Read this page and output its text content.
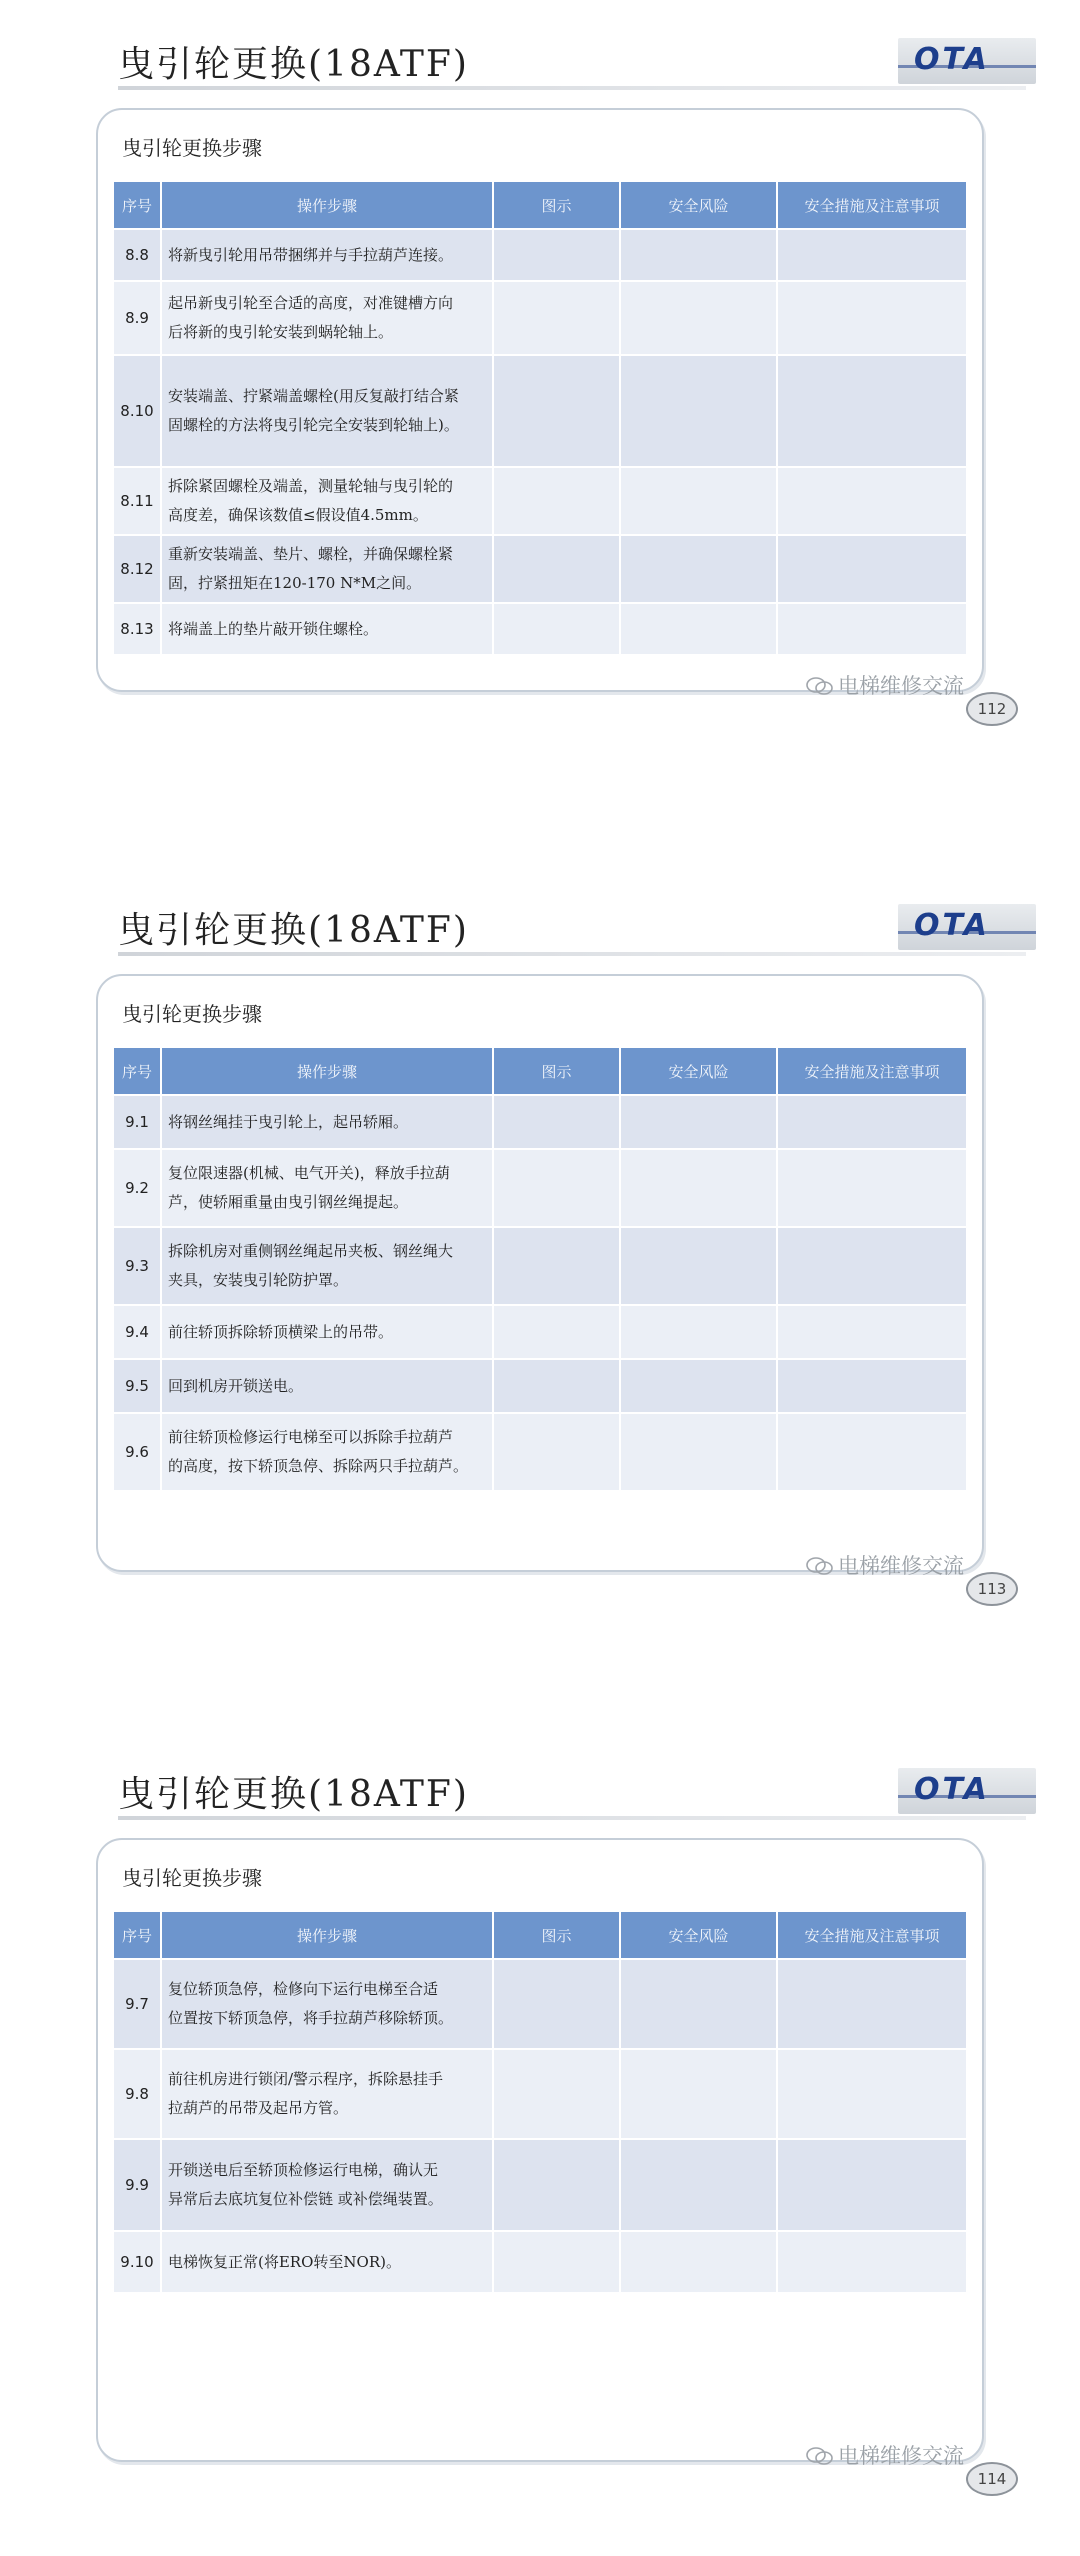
曳引轮更换(18ATF)	OTA
曳引轮更换步骤
序号	操作步骤	图示	安全风险	安全措施及注意事项
8.8	将新曳引轮用吊带捆绑并与手拉葫芦连接。			

8.9	起吊新曳引轮至合适的高度，对准键槽方向
后将新的曳引轮安装到蜗轮轴上。			

8.10	安装端盖、拧紧端盖螺栓(用反复敲打结合紧
固螺栓的方法将曳引轮完全安装到轮轴上)。			

8.11	拆除紧固螺栓及端盖，测量轮轴与曳引轮的
高度差，确保该数值≤假设值4.5mm。			

8.12	重新安装端盖、垫片、螺栓，并确保螺栓紧
固，拧紧扭矩在120-170 N*M之间。			

8.13	将端盖上的垫片敲开锁住螺栓。			

电梯维修交流
112
曳引轮更换(18ATF)	OTA
曳引轮更换步骤
序号	操作步骤	图示	安全风险	安全措施及注意事项
9.1	将钢丝绳挂于曳引轮上，起吊轿厢。			

9.2	复位限速器(机械、电气开关)，释放手拉葫
芦，使轿厢重量由曳引钢丝绳提起。			

9.3	拆除机房对重侧钢丝绳起吊夹板、钢丝绳大
夹具，安装曳引轮防护罩。			

9.4	前往轿顶拆除轿顶横梁上的吊带。			

9.5	回到机房开锁送电。			

9.6	前往轿顶检修运行电梯至可以拆除手拉葫芦
的高度，按下轿顶急停、拆除两只手拉葫芦。			

电梯维修交流
113
曳引轮更换(18ATF)	OTA
曳引轮更换步骤
序号	操作步骤	图示	安全风险	安全措施及注意事项
9.7	复位轿顶急停，检修向下运行电梯至合适
位置按下轿顶急停，将手拉葫芦移除轿顶。			

9.8	前往机房进行锁闭/警示程序，拆除悬挂手
拉葫芦的吊带及起吊方管。			

9.9	开锁送电后至轿顶检修运行电梯，确认无
异常后去底坑复位补偿链 或补偿绳装置。			

9.10	电梯恢复正常(将ERO转至NOR)。			

电梯维修交流
114
